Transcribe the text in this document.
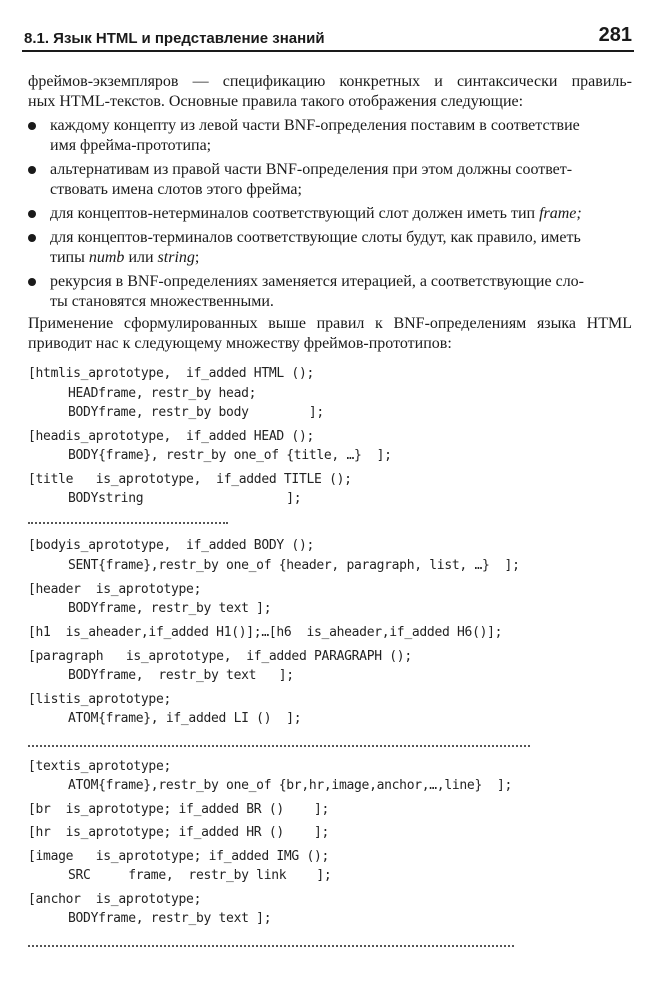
8.1. Язык HTML и представление знаний	281
фреймов-экземпляров — спецификацию конкретных и синтаксически правиль-
ных HTML-текстов. Основные правила такого отображения следующие:
каждому концепту из левой части BNF-определения поставим в соответствие
имя фрейма-прототипа;
альтернативам из правой части BNF-определения при этом должны соответ-
ствовать имена слотов этого фрейма;
для концептов-нетерминалов соответствующий слот должен иметь тип frame;
для концептов-терминалов соответствующие слоты будут, как правило, иметь
типы numb или string;
рекурсия в BNF-определениях заменяется итерацией, а соответствующие сло-
ты становятся множественными.
Применение сформулированных выше правил к BNF-определениям языка HTML
приводит нас к следующему множеству фреймов-прототипов:
[htmlis_aprototype,  if_added HTML ();
HEADframe, restr_by head;
BODYframe, restr_by body        ];
[headis_aprototype,  if_added HEAD ();
BODY{frame}, restr_by one_of {title, …}  ];
[title   is_aprototype,  if_added TITLE ();
BODYstring                   ];
[bodyis_aprototype,  if_added BODY ();
SENT{frame},restr_by one_of {header, paragraph, list, …}  ];
[header  is_aprototype;
BODYframe, restr_by text ];
[h1  is_aheader,if_added H1()];…[h6  is_aheader,if_added H6()];
[paragraph   is_aprototype,  if_added PARAGRAPH ();
BODYframe,  restr_by text   ];
[listis_aprototype;
ATOM{frame}, if_added LI ()  ];
[textis_aprototype;
ATOM{frame},restr_by one_of {br,hr,image,anchor,…,line}  ];
[br  is_aprototype; if_added BR ()    ];
[hr  is_aprototype; if_added HR ()    ];
[image   is_aprototype; if_added IMG ();
SRC     frame,  restr_by link    ];
[anchor  is_aprototype;
BODYframe, restr_by text ];
